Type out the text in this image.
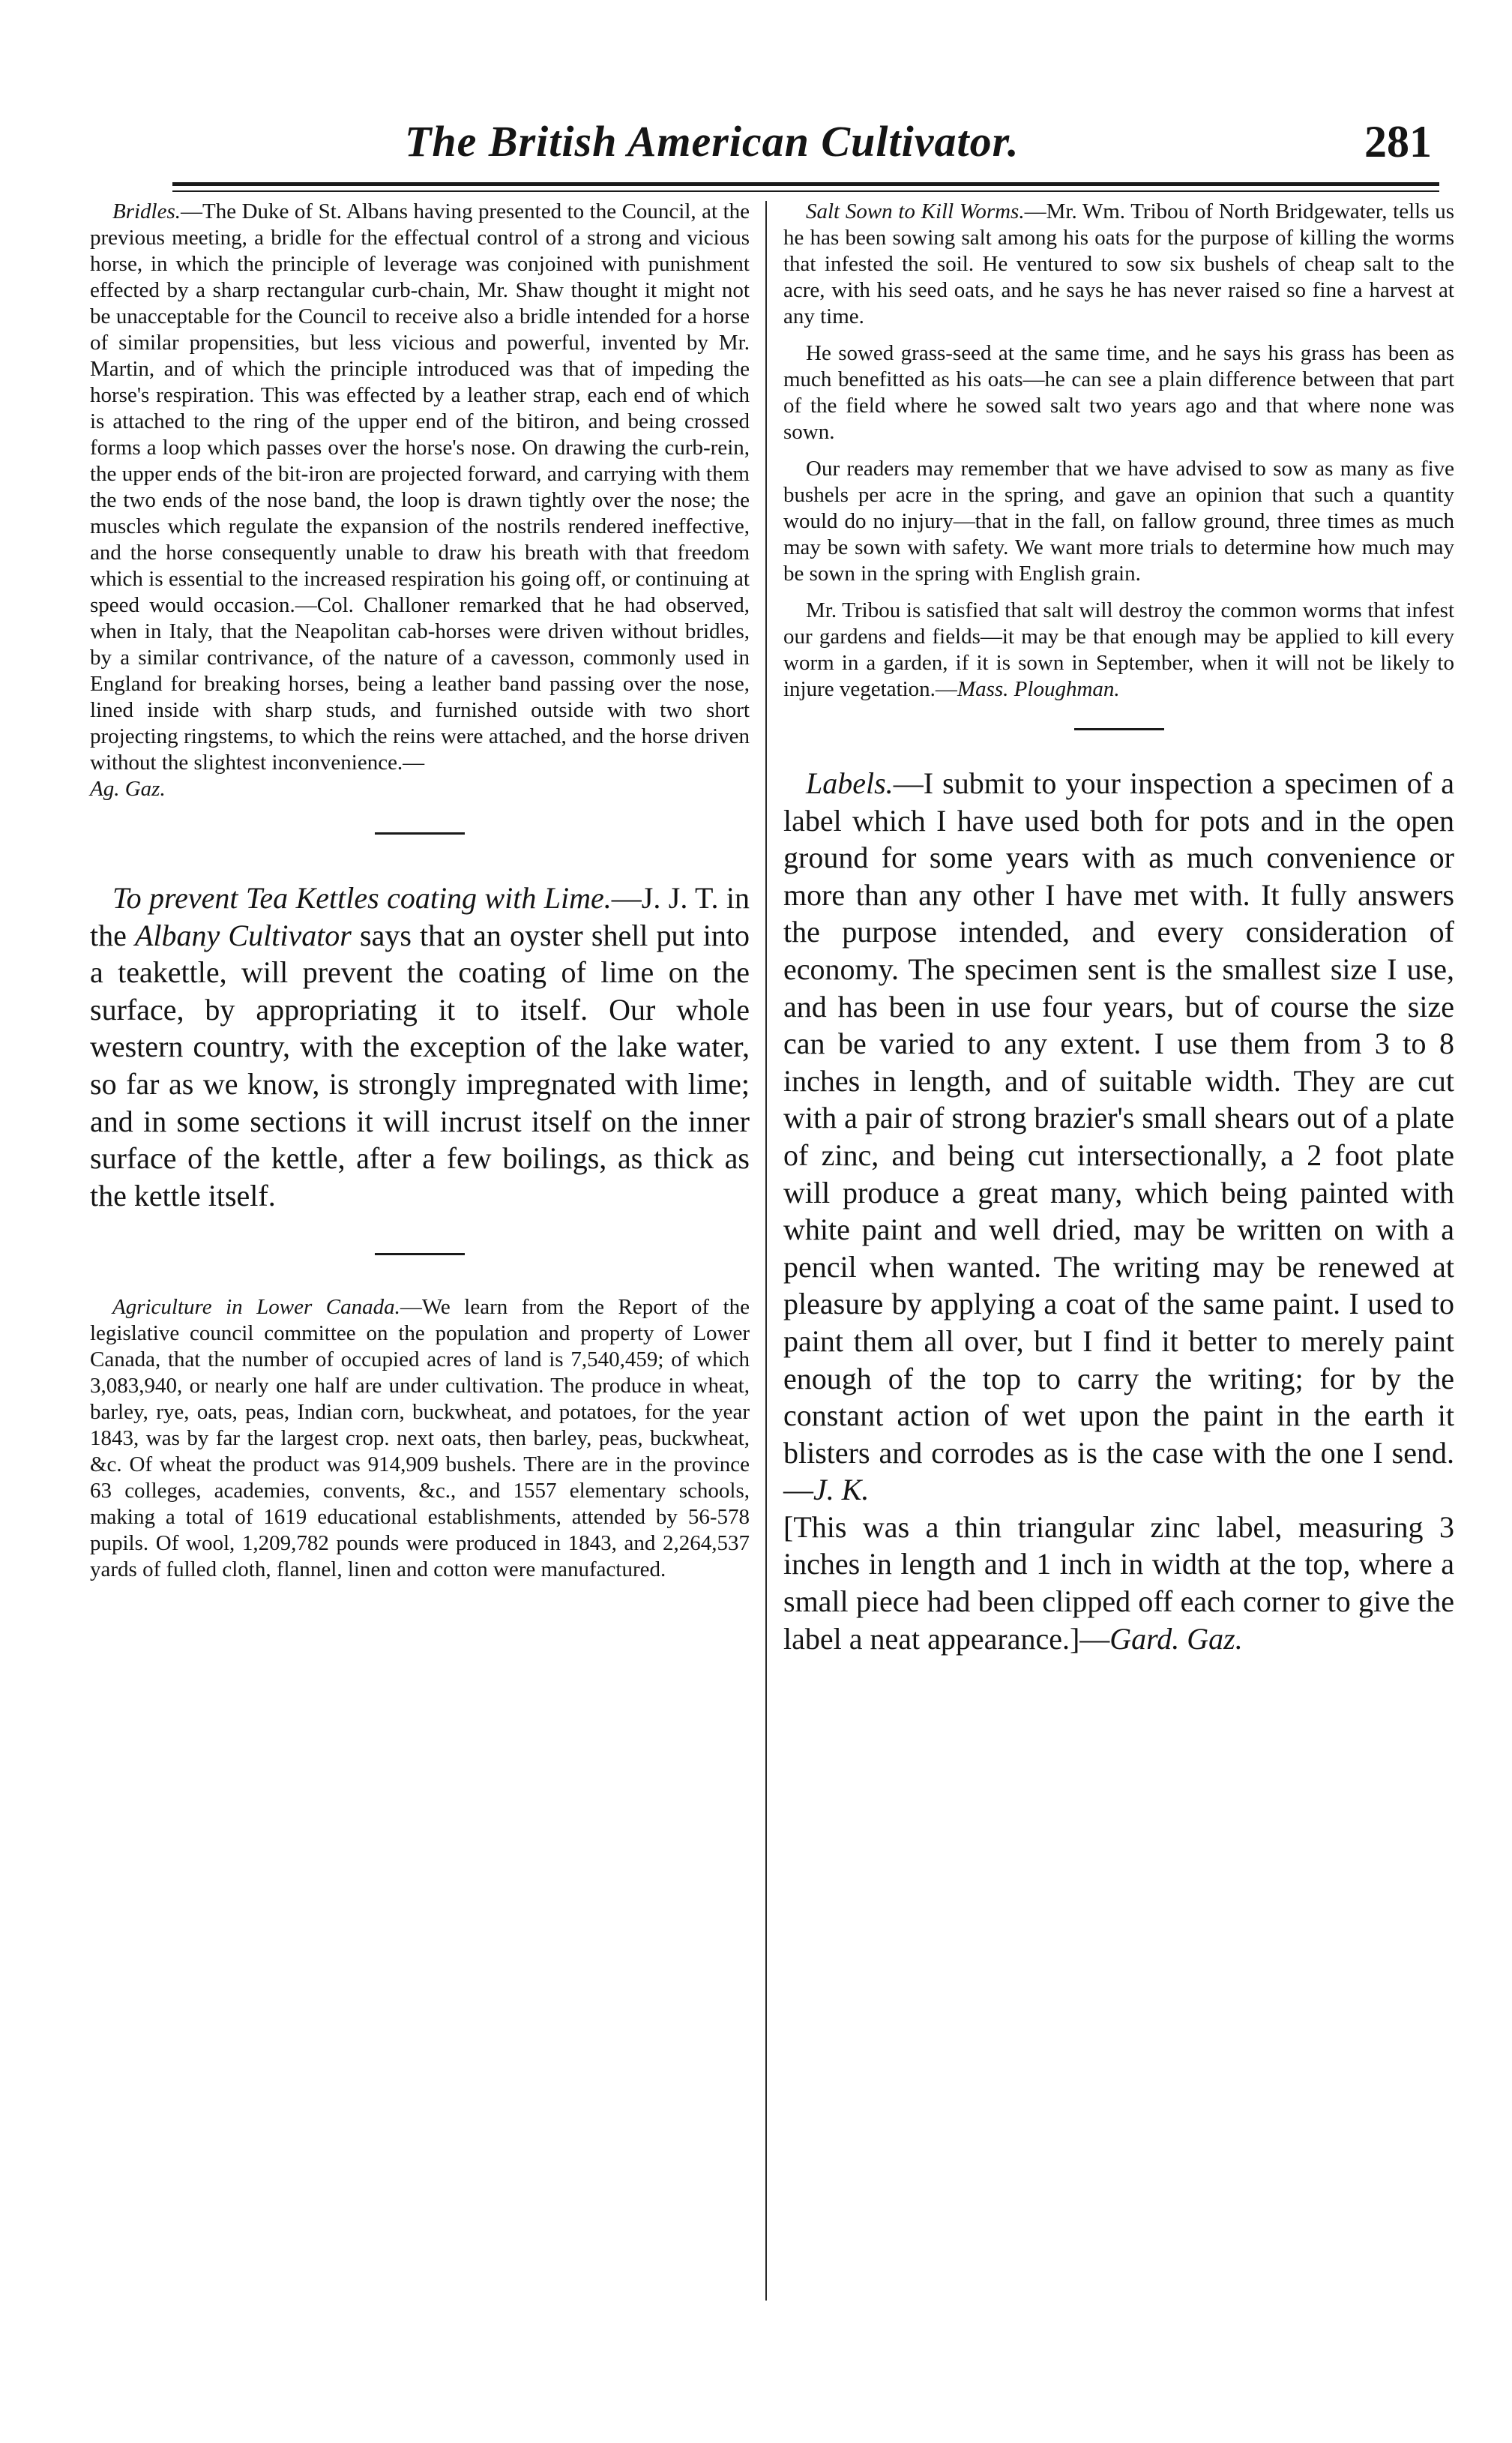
The British American Cultivator.	281

Bridles.—The Duke of St. Albans having presented to the Council, at the previous meeting, a bridle for the effectual control of a strong and vicious horse, in which the principle of leverage was conjoined with punishment effected by a sharp rectangular curb-chain, Mr. Shaw thought it might not be unacceptable for the Council to receive also a bridle intended for a horse of similar propensities, but less vicious and powerful, invented by Mr. Martin, and of which the principle introduced was that of impeding the horse's respiration. This was effected by a leather strap, each end of which is attached to the ring of the upper end of the bitiron, and being crossed forms a loop which passes over the horse's nose. On drawing the curb-rein, the upper ends of the bit-iron are projected forward, and carrying with them the two ends of the nose band, the loop is drawn tightly over the nose; the muscles which regulate the expansion of the nostrils rendered ineffective, and the horse consequently unable to draw his breath with that freedom which is essential to the increased respiration his going off, or continuing at speed would occasion.—Col. Challoner remarked that he had observed, when in Italy, that the Neapolitan cab-horses were driven without bridles, by a similar contrivance, of the nature of a cavesson, commonly used in England for breaking horses, being a leather band passing over the nose, lined inside with sharp studs, and furnished outside with two short projecting ringstems, to which the reins were attached, and the horse driven without the slightest inconvenience.—
Ag. Gaz.

To prevent Tea Kettles coating with Lime.—J. J. T. in the Albany Cultivator says that an oyster shell put into a teakettle, will prevent the coating of lime on the surface, by appropriating it to itself. Our whole western country, with the exception of the lake water, so far as we know, is strongly impregnated with lime; and in some sections it will incrust itself on the inner surface of the kettle, after a few boilings, as thick as the kettle itself.

Agriculture in Lower Canada.—We learn from the Report of the legislative council committee on the population and property of Lower Canada, that the number of occupied acres of land is 7,540,459; of which 3,083,940, or nearly one half are under cultivation. The produce in wheat, barley, rye, oats, peas, Indian corn, buckwheat, and potatoes, for the year 1843, was by far the largest crop. next oats, then barley, peas, buckwheat, &c. Of wheat the product was 914,909 bushels. There are in the province 63 colleges, academies, convents, &c., and 1557 elementary schools, making a total of 1619 educational establishments, attended by 56-578 pupils. Of wool, 1,209,782 pounds were produced in 1843, and 2,264,537 yards of fulled cloth, flannel, linen and cotton were manufactured.

Salt Sown to Kill Worms.—Mr. Wm. Tribou of North Bridgewater, tells us he has been sowing salt among his oats for the purpose of killing the worms that infested the soil. He ventured to sow six bushels of cheap salt to the acre, with his seed oats, and he says he has never raised so fine a harvest at any time.

He sowed grass-seed at the same time, and he says his grass has been as much benefitted as his oats—he can see a plain difference between that part of the field where he sowed salt two years ago and that where none was sown.

Our readers may remember that we have advised to sow as many as five bushels per acre in the spring, and gave an opinion that such a quantity would do no injury—that in the fall, on fallow ground, three times as much may be sown with safety. We want more trials to determine how much may be sown in the spring with English grain.

Mr. Tribou is satisfied that salt will destroy the common worms that infest our gardens and fields—it may be that enough may be applied to kill every worm in a garden, if it is sown in September, when it will not be likely to injure vegetation.—Mass. Ploughman.

Labels.—I submit to your inspection a specimen of a label which I have used both for pots and in the open ground for some years with as much convenience or more than any other I have met with. It fully answers the purpose intended, and every consideration of economy. The specimen sent is the smallest size I use, and has been in use four years, but of course the size can be varied to any extent. I use them from 3 to 8 inches in length, and of suitable width. They are cut with a pair of strong brazier's small shears out of a plate of zinc, and being cut intersectionally, a 2 foot plate will produce a great many, which being painted with white paint and well dried, may be written on with a pencil when wanted. The writing may be renewed at pleasure by applying a coat of the same paint. I used to paint them all over, but I find it better to merely paint enough of the top to carry the writing; for by the constant action of wet upon the paint in the earth it blisters and corrodes as is the case with the one I send.—J. K.
[This was a thin triangular zinc label, measuring 3 inches in length and 1 inch in width at the top, where a small piece had been clipped off each corner to give the label a neat appearance.]—Gard. Gaz.
